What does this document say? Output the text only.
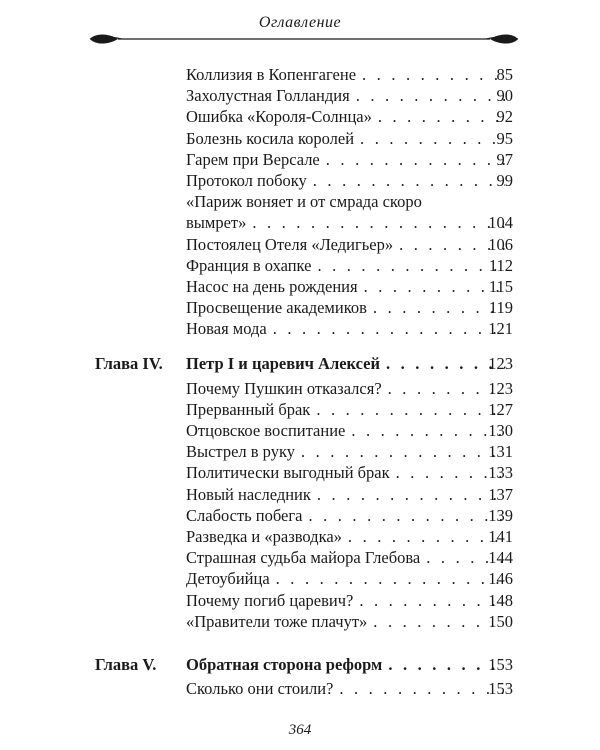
Оглавление
Коллизия в Копенгагене . . .	85
Захолустная Голландия . . .	90
Ошибка «Короля-Солнца» . . .	92
Болезнь косила королей . . .	95
Гарем при Версале . . .	97
Протокол побоку . . .	99
«Париж воняет и от смрада скоро
вымрет» . . .	104
Постоялец Отеля «Ледигьер» . . .	106
Франция в охапке . . .	112
Насос на день рождения . . .	115
Просвещение академиков . . .	119
Новая мода . . .	121
Глава IV. Петр I и царевич Алексей . . .	123
Почему Пушкин отказался? . . .	123
Прерванный брак . . .	127
Отцовское воспитание . . .	130
Выстрел в руку . . .	131
Политически выгодный брак . . .	133
Новый наследник . . .	137
Слабость побега . . .	139
Разведка и «разводка» . . .	141
Страшная судьба майора Глебова . . .	144
Детоубийца . . .	146
Почему погиб царевич? . . .	148
«Правители тоже плачут» . . .	150
Глава V. Обратная сторона реформ . . .	153
Сколько они стоили? . . .	153
364
